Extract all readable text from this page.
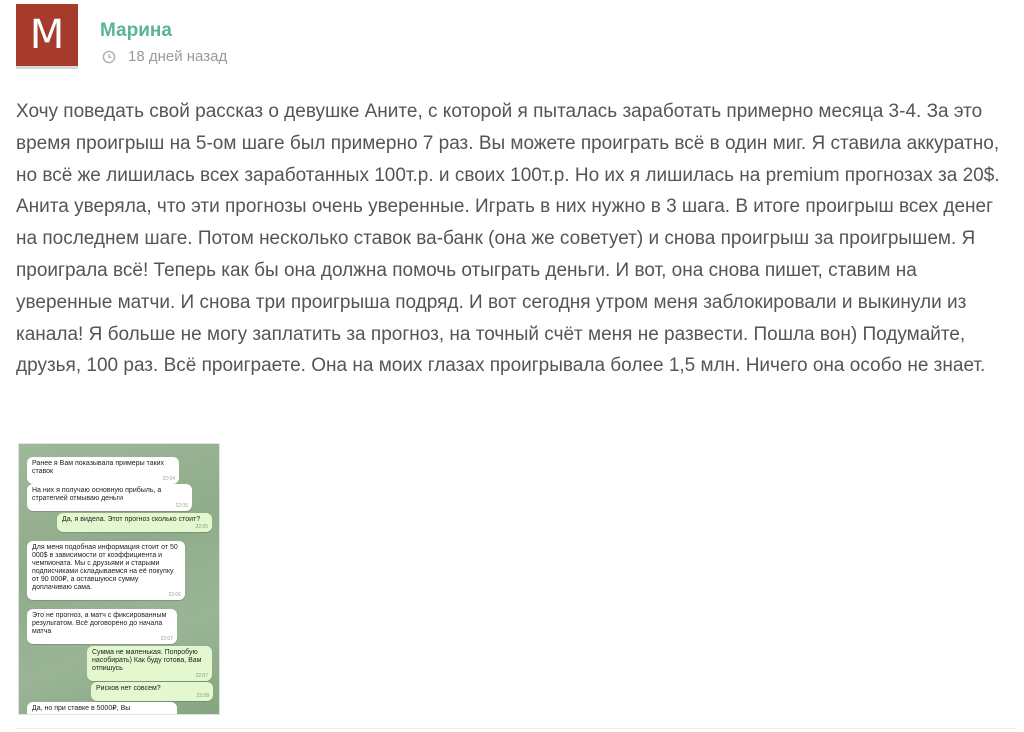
М	Марина
18 дней назад

Хочу поведать свой рассказ о девушке Аните, с которой я пыталась заработать примерно месяца 3-4. За это время проигрыш на 5-ом шаге был примерно 7 раз. Вы можете проиграть всё в один миг. Я ставила аккуратно, но всё же лишилась всех заработанных 100т.р. и своих 100т.р. Но их я лишилась на premium прогнозах за 20$. Анита уверяла, что эти прогнозы очень уверенные. Играть в них нужно в 3 шага. В итоге проигрыш всех денег на последнем шаге. Потом несколько ставок ва-банк (она же советует) и снова проигрыш за проигрышем. Я проиграла всё! Теперь как бы она должна помочь отыграть деньги. И вот, она снова пишет, ставим на уверенные матчи. И снова три проигрыша подряд. И вот сегодня утром меня заблокировали и выкинули из канала! Я больше не могу заплатить за прогноз, на точный счёт меня не развести. Пошла вон) Подумайте, друзья, 100 раз. Всё проиграете. Она на моих глазах проигрывала более 1,5 млн. Ничего она особо не знает.

Ранее я Вам показывала примеры таких ставок
22:04
На них я получаю основную прибыль, а стратегией отмываю деньги
22:05
Да, я видела. Этот прогноз сколько стоит?
22:05
Для меня подобная информация стоит от 50 000$ в зависимости от коэффициента и чемпионата. Мы с друзьями и старыми подписчиками складываемся на её покупку от 90 000₽, а оставшуюся сумму доплачиваю сама.
22:06
Это не прогноз, а матч с фиксированным результатом. Всё договорено до начала матча
22:07
Сумма не маленькая. Попробую насобирать) Как буду готова, Вам отпишусь
22:07
Рисков нет совсем?
22:08
Да, но при ставке в 5000₽, Вы
